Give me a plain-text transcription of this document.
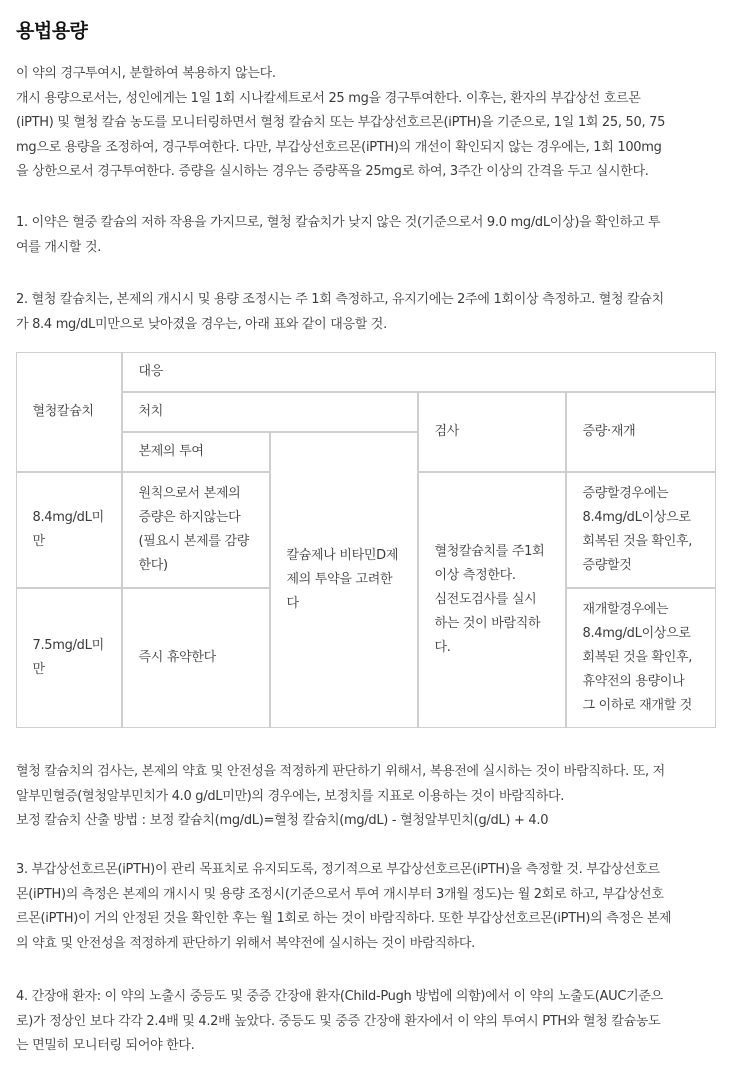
용법용량
이 약의 경구투여시, 분할하여 복용하지 않는다.
개시 용량으로서는, 성인에게는 1일 1회 시나칼세트로서 25 mg을 경구투여한다. 이후는, 환자의 부갑상선 호르몬
(iPTH) 및 혈청 칼슘 농도를 모니터링하면서 혈청 칼슘치 또는 부갑상선호르몬(iPTH)을 기준으로, 1일 1회 25, 50, 75
mg으로 용량을 조정하여, 경구투여한다. 다만, 부갑상선호르몬(iPTH)의 개선이 확인되지 않는 경우에는, 1회 100mg
을 상한으로서 경구투여한다. 증량을 실시하는 경우는 증량폭을 25mg로 하여, 3주간 이상의 간격을 두고 실시한다.
1. 이약은 혈중 칼슘의 저하 작용을 가지므로, 혈청 칼슘치가 낮지 않은 것(기준으로서 9.0 mg/dL이상)을 확인하고 투
여를 개시할 것.
2. 혈청 칼슘치는, 본제의 개시시 및 용량 조정시는 주 1회 측정하고, 유지기에는 2주에 1회이상 측정하고. 혈청 칼슘치
가 8.4 mg/dL미만으로 낮아졌을 경우는, 아래 표와 같이 대응할 것.
혈청칼슘치
대응
처치
검사	증량·재개
본제의 투여
칼슘제나 비타민D제
제의 투약을 고려한
다
8.4mg/dL미
만
원칙으로서 본제의
증량은 하지않는다
(필요시 본제를 감량
한다)
혈청칼슘치를 주1회
이상 측정한다.
심전도검사를 실시
하는 것이 바람직하
다.
증량할경우에는
8.4mg/dL이상으로
회복된 것을 확인후,
증량할것
7.5mg/dL미
만
즉시 휴약한다
재개할경우에는
8.4mg/dL이상으로
회복된 것을 확인후,
휴약전의 용량이나
그 이하로 재개할 것
혈청 칼슘치의 검사는, 본제의 약효 및 안전성을 적정하게 판단하기 위해서, 복용전에 실시하는 것이 바람직하다. 또, 저
알부민혈증(혈청알부민치가 4.0 g/dL미만)의 경우에는, 보정치를 지표로 이용하는 것이 바람직하다.
보정 칼슘치 산출 방법 : 보정 칼슘치(mg/dL)=혈청 칼슘치(mg/dL) - 혈청알부민치(g/dL) + 4.0
3. 부갑상선호르몬(iPTH)이 관리 목표치로 유지되도록, 정기적으로 부갑상선호르몬(iPTH)을 측정할 것. 부갑상선호르
몬(iPTH)의 측정은 본제의 개시시 및 용량 조정시(기준으로서 투여 개시부터 3개월 정도)는 월 2회로 하고, 부갑상선호
르몬(iPTH)이 거의 안정된 것을 확인한 후는 월 1회로 하는 것이 바람직하다. 또한 부갑상선호르몬(iPTH)의 측정은 본제
의 약효 및 안전성을 적정하게 판단하기 위해서 복약전에 실시하는 것이 바람직하다.
4. 간장애 환자: 이 약의 노출시 중등도 및 중증 간장애 환자(Child-Pugh 방법에 의함)에서 이 약의 노출도(AUC기준으
로)가 정상인 보다 각각 2.4배 및 4.2배 높았다. 중등도 및 중증 간장애 환자에서 이 약의 투여시 PTH와 혈청 칼슘농도
는 면밀히 모니터링 되어야 한다.
